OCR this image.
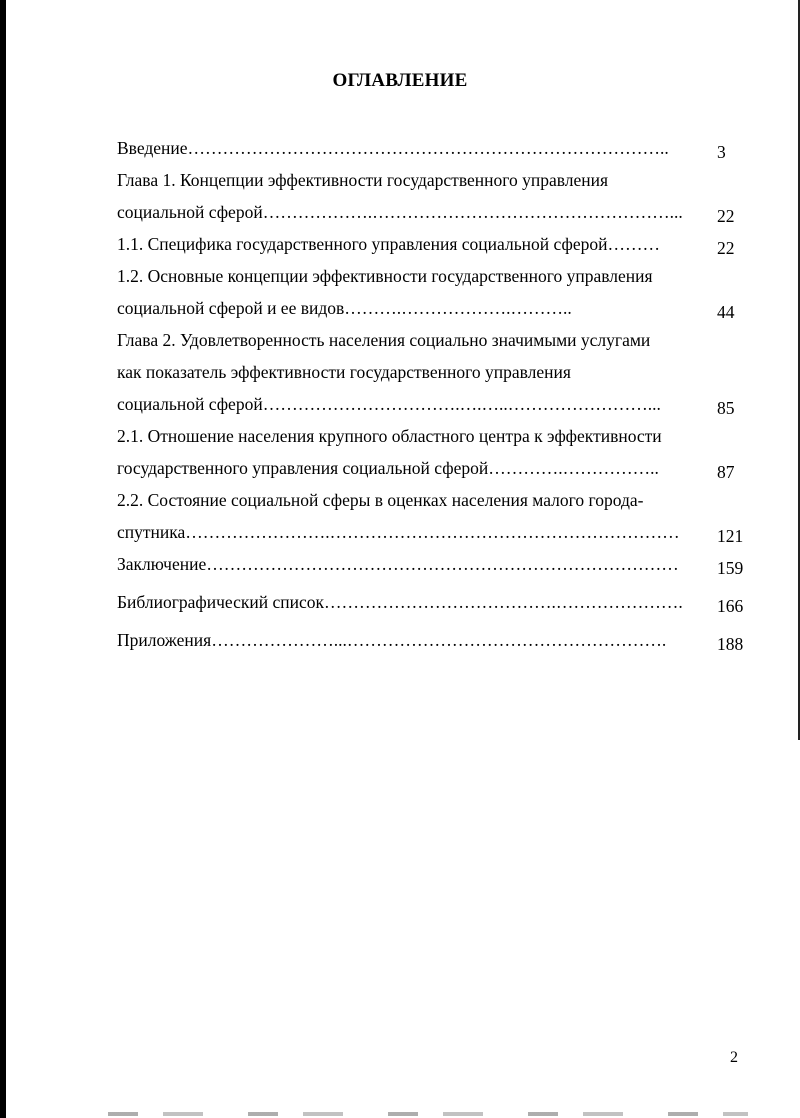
ОГЛАВЛЕНИЕ
Введение………………………………………………………………………..	3
Глава 1. Концепции эффективности государственного управления
социальной сферой……………….……………………………………………... 22
1.1. Специфика государственного управления социальной сферой………	22
1.2. Основные концепции эффективности государственного управления
социальной сферой и ее видов……….……………….………..	44
Глава 2. Удовлетворенность населения социально значимыми услугами
как показатель эффективности государственного управления
социальной сферой…………………………….….…..……………………...	85
2.1. Отношение населения крупного областного центра к эффективности
государственного управления социальной сферой………….……………..	87
2.2. Состояние социальной сферы в оценках населения малого города-
спутника…………………….…………………………………………………… 121
Заключение……………………………………………………………………… 159
Библиографический список………………………………….…………………. 166
Приложения…………………...……………………………………………….	188
2
